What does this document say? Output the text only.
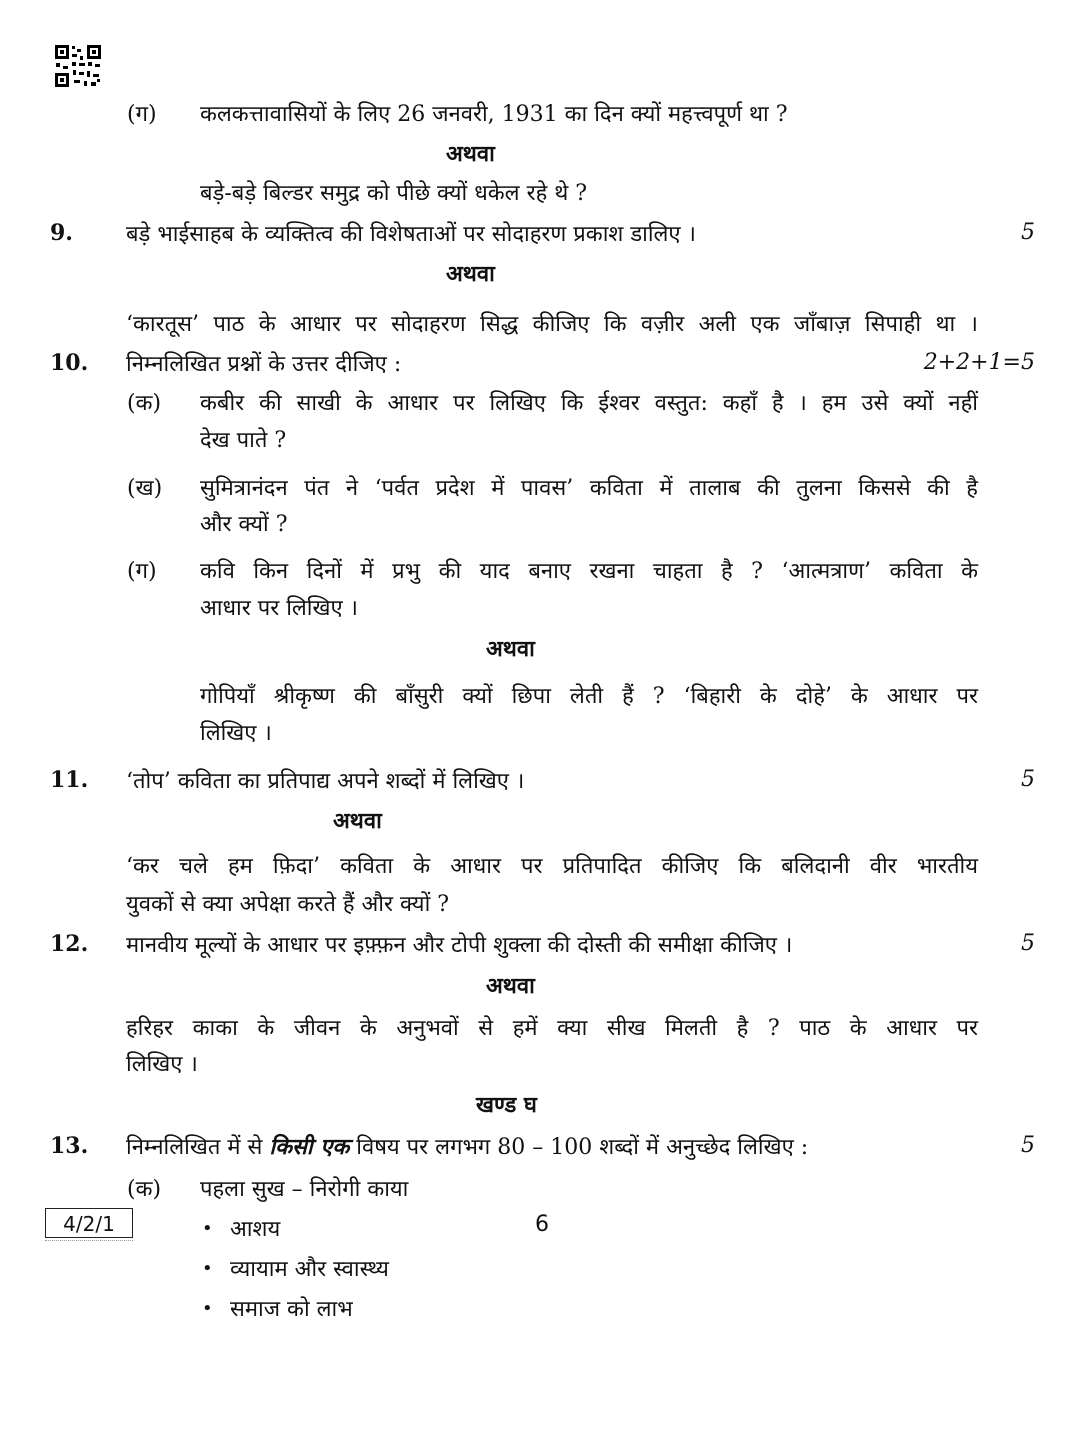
(ग) कलकत्तावासियों के लिए 26 जनवरी, 1931 का दिन क्यों महत्त्वपूर्ण था ?
अथवा
बड़े-बड़े बिल्डर समुद्र को पीछे क्यों धकेल रहे थे ?
9. बड़े भाईसाहब के व्यक्तित्व की विशेषताओं पर सोदाहरण प्रकाश डालिए ।	5
अथवा
‘कारतूस’ पाठ के आधार पर सोदाहरण सिद्ध कीजिए कि वज़ीर अली एक जाँबाज़ सिपाही था ।
10. निम्नलिखित प्रश्नों के उत्तर दीजिए :	2+2+1=5
(क) कबीर की साखी के आधार पर लिखिए कि ईश्वर वस्तुत: कहाँ है । हम उसे क्यों नहीं
देख पाते ?
(ख) सुमित्रानंदन पंत ने ‘पर्वत प्रदेश में पावस’ कविता में तालाब की तुलना किससे की है
और क्यों ?
(ग) कवि किन दिनों में प्रभु की याद बनाए रखना चाहता है ? ‘आत्मत्राण’ कविता के
आधार पर लिखिए ।
अथवा
गोपियाँ श्रीकृष्ण की बाँसुरी क्यों छिपा लेती हैं ? ‘बिहारी के दोहे’ के आधार पर
लिखिए ।
11. ‘तोप’ कविता का प्रतिपाद्य अपने शब्दों में लिखिए ।	5
अथवा
‘कर चले हम फ़िदा’ कविता के आधार पर प्रतिपादित कीजिए कि बलिदानी वीर भारतीय
युवकों से क्या अपेक्षा करते हैं और क्यों ?
12. मानवीय मूल्यों के आधार पर इफ़्फ़न और टोपी शुक्ला की दोस्ती की समीक्षा कीजिए ।	5
अथवा
हरिहर काका के जीवन के अनुभवों से हमें क्या सीख मिलती है ? पाठ के आधार पर
लिखिए ।
खण्ड घ
13. निम्नलिखित में से किसी एक विषय पर लगभग 80 – 100 शब्दों में अनुच्छेद लिखिए :	5
(क) पहला सुख – निरोगी काया
• आशय
• व्यायाम और स्वास्थ्य
• समाज को लाभ
4/2/1	6
